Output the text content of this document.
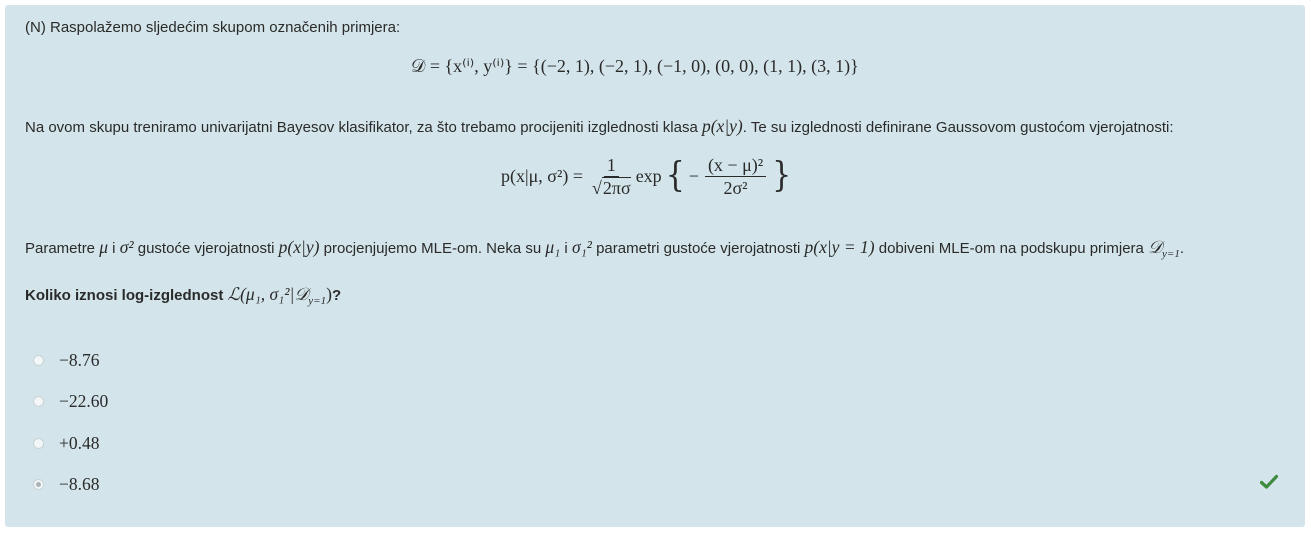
(N) Raspolažemo sljedećim skupom označenih primjera:
𝒟 = {x⁽ⁱ⁾, y⁽ⁱ⁾} = {(−2, 1), (−2, 1), (−1, 0), (0, 0), (1, 1), (3, 1)}
Na ovom skupu treniramo univarijatni Bayesov klasifikator, za što trebamo procijeniti izglednosti klasa p(x|y). Te su izglednosti definirane Gaussovom gustoćom vjerojatnosti:
p(x|μ, $\sigma^2) = \frac{1}{√2\pi\sigma}$ exp { − $\frac{\text{(x − μ)²}}{\text{2σ²}}$ }
Parametre μ i σ² gustoće vjerojatnosti p(x|y) procjenjujemo MLE-om. Neka su μ₁ i σ₁² parametri gustoće vjerojatnosti p(x|y = 1) dobiveni MLE-om na podskupu primjera 𝒟$_{y=1}$.
Koliko iznosi log-izglednost ℒ(μ₁, σ₁²|𝒟$_{y=1}$)?
−8.76
−22.60
+0.48
−8.68
